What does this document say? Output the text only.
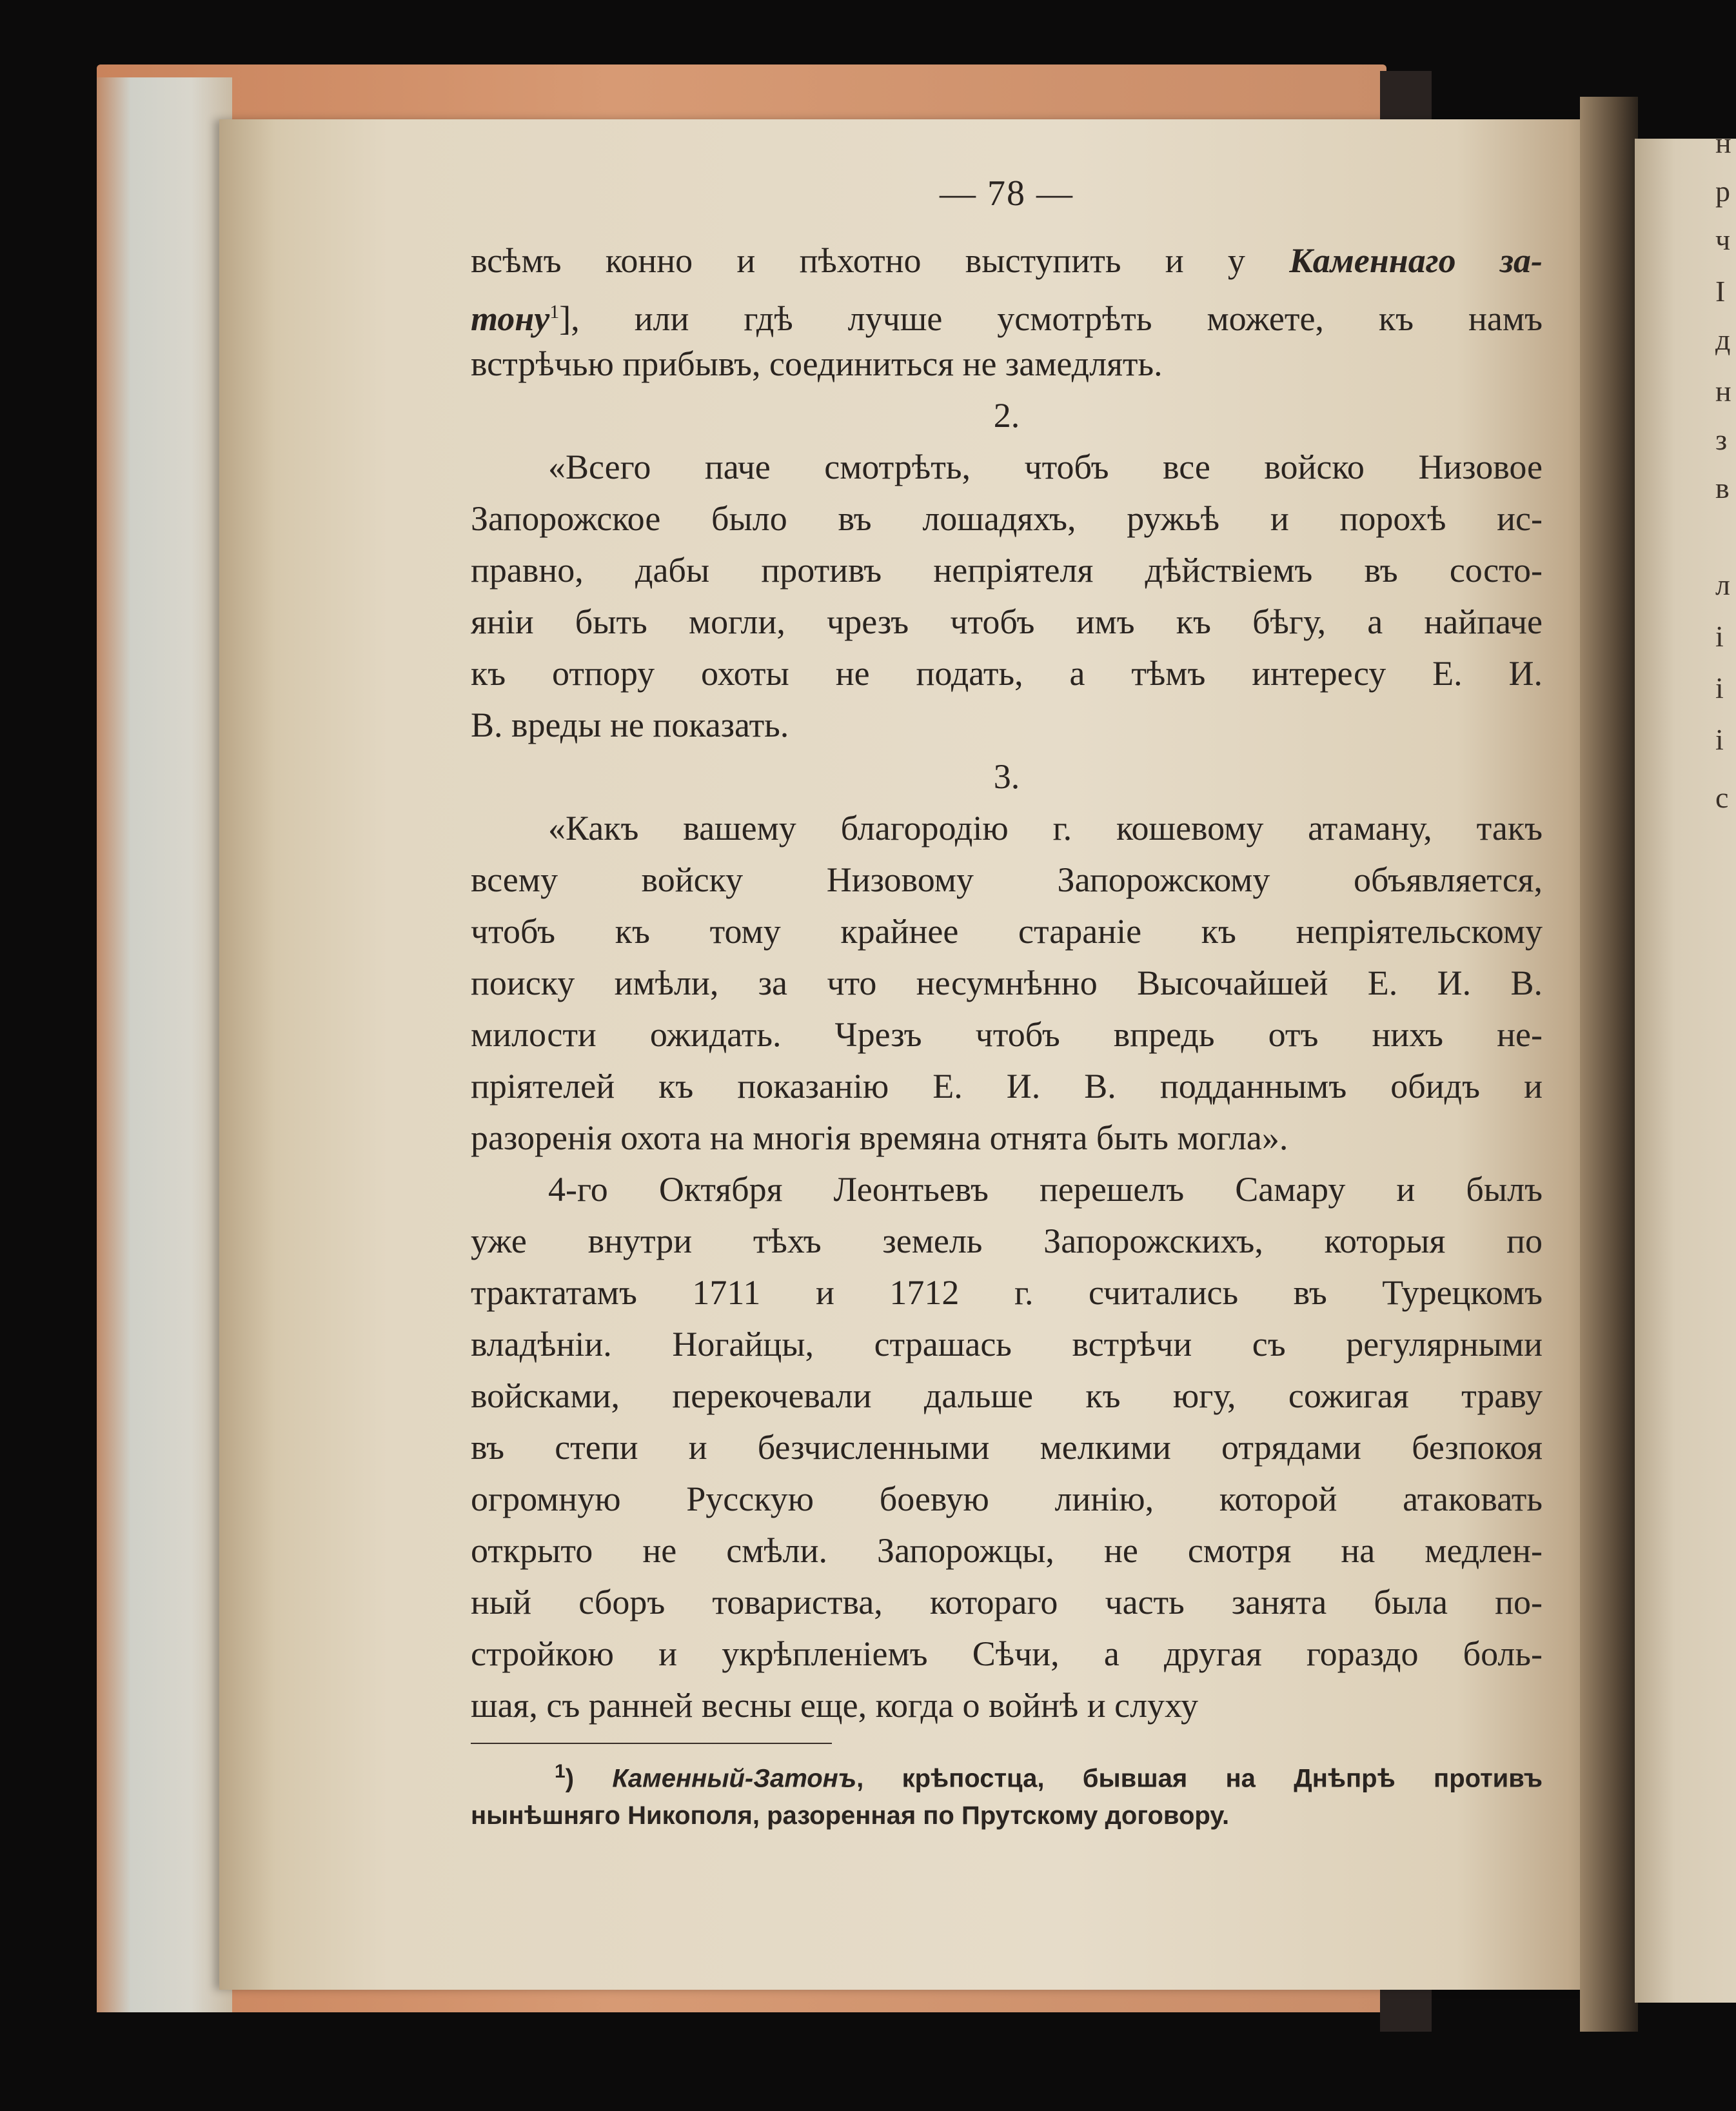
н
р
ч
I
д
н
з
в
л
і
і
і
с
— 78 —
всѣмъ конно и пѣхотно выступить и у Каменнаго за-
тону$^1$], или гдѣ лучше усмотрѣть можете, къ намъ
встрѣчью прибывъ, соединиться не замедлять.
2.
«Всего паче смотрѣть, чтобъ все войско Низовое
Запорожское было въ лошадяхъ, ружьѣ и порохѣ ис-
правно, дабы противъ непріятеля дѣйствіемъ въ состо-
яніи быть могли, чрезъ чтобъ имъ къ бѣгу, а найпаче
къ отпору охоты не подать, а тѣмъ интересу Е. И.
В. вреды не показать.
3.
«Какъ вашему благородію г. кошевому атаману, такъ
всему войску Низовому Запорожскому объявляется,
чтобъ къ тому крайнее стараніе къ непріятельскому
поиску имѣли, за что несумнѣнно Высочайшей Е. И. В.
милости ожидать. Чрезъ чтобъ впредь отъ нихъ не-
пріятелей къ показанію Е. И. В. подданнымъ обидъ и
разоренія охота на многія времяна отнята быть могла».
4-го Октября Леонтьевъ перешелъ Самару и былъ
уже внутри тѣхъ земель Запорожскихъ, которыя по
трактатамъ 1711 и 1712 г. считались въ Турецкомъ
владѣніи. Ногайцы, страшась встрѣчи съ регулярными
войсками, перекочевали дальше къ югу, сожигая траву
въ степи и безчисленными мелкими отрядами безпокоя
огромную Русскую боевую линію, которой атаковать
открыто не смѣли. Запорожцы, не смотря на медлен-
ный сборъ товариства, котораго часть занята была по-
стройкою и укрѣпленіемъ Сѣчи, а другая гораздо боль-
шая, съ ранней весны еще, когда о войнѣ и слуху
$^1$) Каменный-Затонъ, крѣпостца, бывшая на Днѣпрѣ противъ
нынѣшняго Никополя, разоренная по Прутскому договору.
